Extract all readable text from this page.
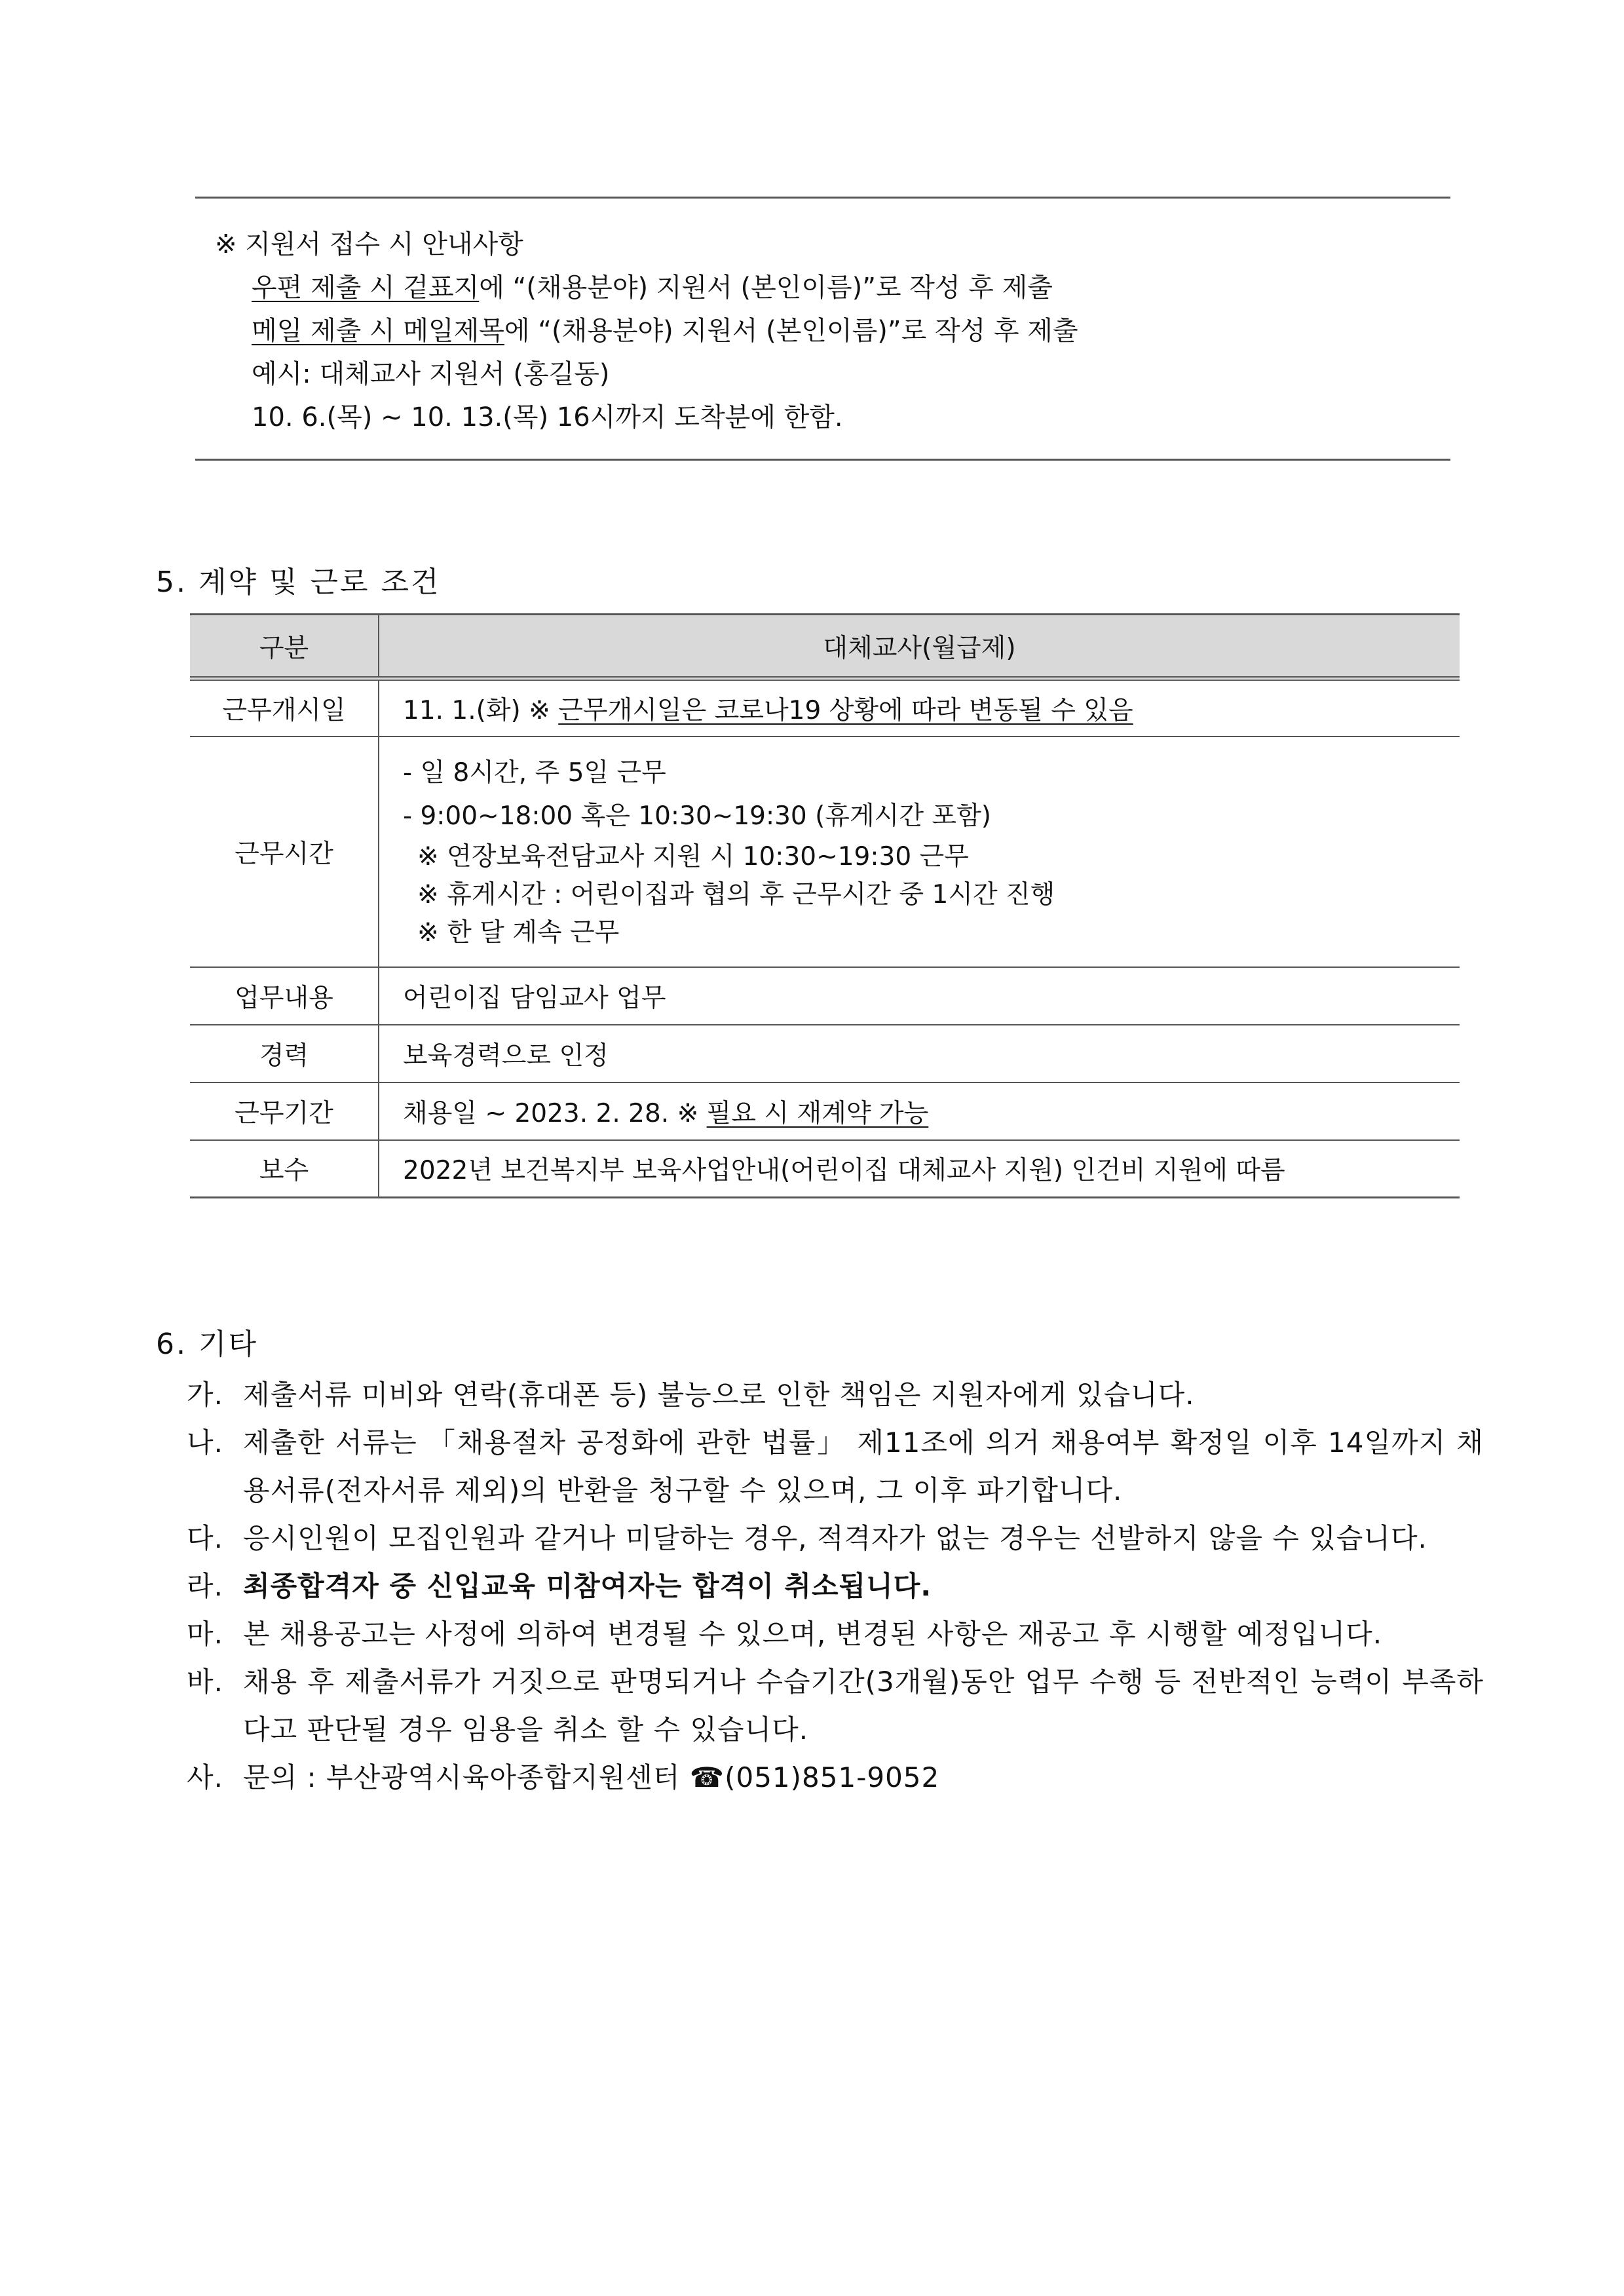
※ 지원서 접수 시 안내사항
우편 제출 시 겉표지에 “(채용분야) 지원서 (본인이름)”로 작성 후 제출
메일 제출 시 메일제목에 “(채용분야) 지원서 (본인이름)”로 작성 후 제출
예시: 대체교사 지원서 (홍길동)
10. 6.(목) ~ 10. 13.(목) 16시까지 도착분에 한함.
5. 계약 및 근로 조건
구분	대체교사(월급제)
근무개시일	11. 1.(화) ※ 근무개시일은 코로나19 상황에 따라 변동될 수 있음
근무시간	- 일 8시간, 주 5일 근무
- 9:00~18:00 혹은 10:30~19:30 (휴게시간 포함)
※ 연장보육전담교사 지원 시 10:30~19:30 근무
※ 휴게시간 : 어린이집과 협의 후 근무시간 중 1시간 진행
※ 한 달 계속 근무

업무내용	어린이집 담임교사 업무
경력	보육경력으로 인정
근무기간	채용일 ~ 2023. 2. 28. ※ 필요 시 재계약 가능
보수	2022년 보건복지부 보육사업안내(어린이집 대체교사 지원) 인건비 지원에 따름
6. 기타
가. 제출서류 미비와 연락(휴대폰 등) 불능으로 인한 책임은 지원자에게 있습니다.
나. 제출한 서류는 「채용절차 공정화에 관한 법률」 제11조에 의거 채용여부 확정일 이후 14일까지 채용서류(전자서류 제외)의 반환을 청구할 수 있으며, 그 이후 파기합니다.
다. 응시인원이 모집인원과 같거나 미달하는 경우, 적격자가 없는 경우는 선발하지 않을 수 있습니다.
라. 최종합격자 중 신입교육 미참여자는 합격이 취소됩니다.
마. 본 채용공고는 사정에 의하여 변경될 수 있으며, 변경된 사항은 재공고 후 시행할 예정입니다.
바. 채용 후 제출서류가 거짓으로 판명되거나 수습기간(3개월)동안 업무 수행 등 전반적인 능력이 부족하다고 판단될 경우 임용을 취소 할 수 있습니다.
사. 문의 : 부산광역시육아종합지원센터 ☎(051)851-9052
